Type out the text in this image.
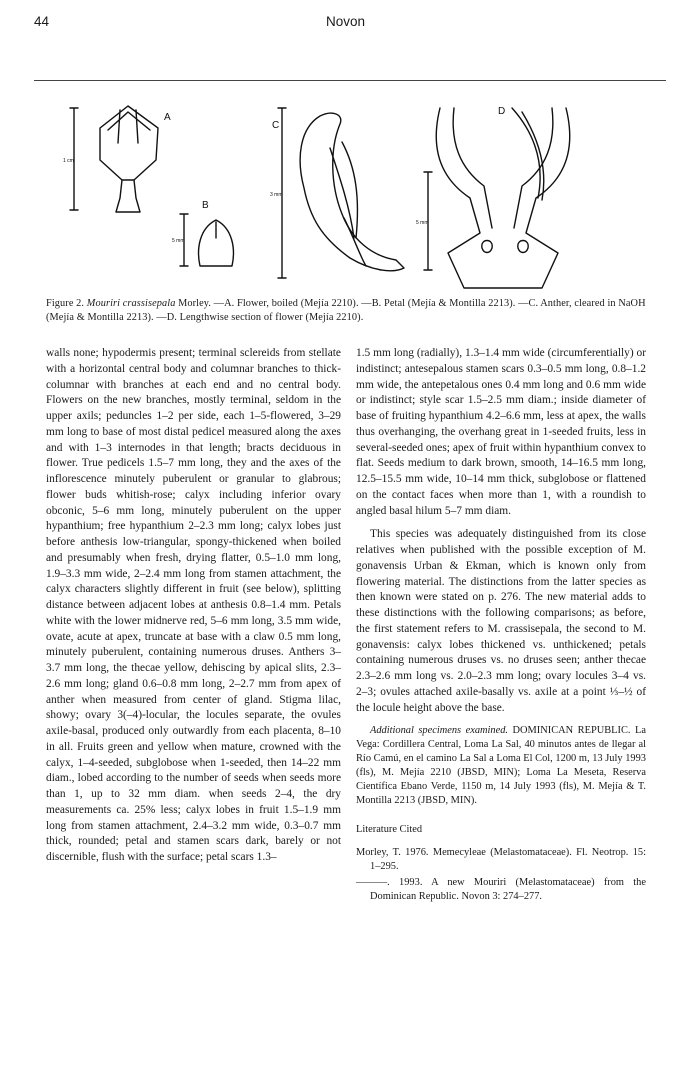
44	Novon
A
B
C
D
1 cm
5 mm
3 mm
5 mm
Figure 2. Mouriri crassisepala Morley. —A. Flower, boiled (Mejía 2210). —B. Petal (Mejía & Montilla 2213). —C. Anther, cleared in NaOH (Mejía & Montilla 2213). —D. Lengthwise section of flower (Mejía 2210).

walls none; hypodermis present; terminal sclereids from stellate with a horizontal central body and columnar branches to thick-columnar with branches at each end and no central body. Flowers on the new branches, mostly terminal, seldom in the upper axils; peduncles 1–2 per side, each 1–5-flowered, 3–29 mm long to base of most distal pedicel measured along the axes and with 1–3 internodes in that length; bracts deciduous in flower. True pedicels 1.5–7 mm long, they and the axes of the inflorescence minutely puberulent or granular to glabrous; flower buds whitish-rose; calyx including inferior ovary obconic, 5–6 mm long, minutely puberulent on the upper hypanthium; free hypanthium 2–2.3 mm long; calyx lobes just before anthesis low-triangular, spongy-thickened when boiled and presumably when fresh, drying flatter, 0.5–1.0 mm long, 1.9–3.3 mm wide, 2–2.4 mm long from stamen attachment, the calyx characters slightly different in fruit (see below), splitting distance between adjacent lobes at anthesis 0.8–1.4 mm. Petals white with the lower midnerve red, 5–6 mm long, 3.5 mm wide, ovate, acute at apex, truncate at base with a claw 0.5 mm long, minutely puberulent, containing numerous druses. Anthers 3–3.7 mm long, the thecae yellow, dehiscing by apical slits, 2.3–2.6 mm long; gland 0.6–0.8 mm long, 2–2.7 mm from apex of anther when measured from center of gland. Stigma lilac, showy; ovary 3(–4)-locular, the locules separate, the ovules axile-basal, produced only outwardly from each placenta, 8–10 in all. Fruits green and yellow when mature, crowned with the calyx, 1–4-seeded, subglobose when 1-seeded, then 14–22 mm diam., lobed according to the number of seeds when seeds more than 1, up to 32 mm diam. when seeds 2–4, the dry measurements ca. 25% less; calyx lobes in fruit 1.5–1.9 mm long from stamen attachment, 2.4–3.2 mm wide, 0.3–0.7 mm thick, rounded; petal and stamen scars dark, barely or not discernible, flush with the surface; petal scars 1.3–

1.5 mm long (radially), 1.3–1.4 mm wide (circumferentially) or indistinct; antesepalous stamen scars 0.3–0.5 mm long, 0.8–1.2 mm wide, the antepetalous ones 0.4 mm long and 0.6 mm wide or indistinct; style scar 1.5–2.5 mm diam.; inside diameter of base of fruiting hypanthium 4.2–6.6 mm, less at apex, the walls thus overhanging, the overhang great in 1-seeded fruits, less in several-seeded ones; apex of fruit within hypanthium convex to flat. Seeds medium to dark brown, smooth, 14–16.5 mm long, 12.5–15.5 mm wide, 10–14 mm thick, subglobose or flattened on the contact faces when more than 1, with a roundish to angled basal hilum 5–7 mm diam.

This species was adequately distinguished from its close relatives when published with the possible exception of M. gonavensis Urban & Ekman, which is known only from flowering material. The distinctions from the latter species as then known were stated on p. 276. The new material adds to these distinctions with the following comparisons; as before, the first statement refers to M. crassisepala, the second to M. gonavensis: calyx lobes thickened vs. unthickened; petals containing numerous druses vs. no druses seen; anther thecae 2.3–2.6 mm long vs. 2.0–2.3 mm long; ovary locules 3–4 vs. 2–3; ovules attached axile-basally vs. axile at a point ⅓–½ of the locule height above the base.

Additional specimens examined. DOMINICAN REPUBLIC. La Vega: Cordillera Central, Loma La Sal, 40 minutos antes de llegar al Río Camú, en el camino La Sal a Loma El Col, 1200 m, 13 July 1993 (fls), M. Mejía 2210 (JBSD, MIN); Loma La Meseta, Reserva Científica Ebano Verde, 1150 m, 14 July 1993 (fls), M. Mejía & T. Montilla 2213 (JBSD, MIN).

Literature Cited

Morley, T. 1976. Memecyleae (Melastomataceae). Fl. Neotrop. 15: 1–295.

———. 1993. A new Mouriri (Melastomataceae) from the Dominican Republic. Novon 3: 274–277.
